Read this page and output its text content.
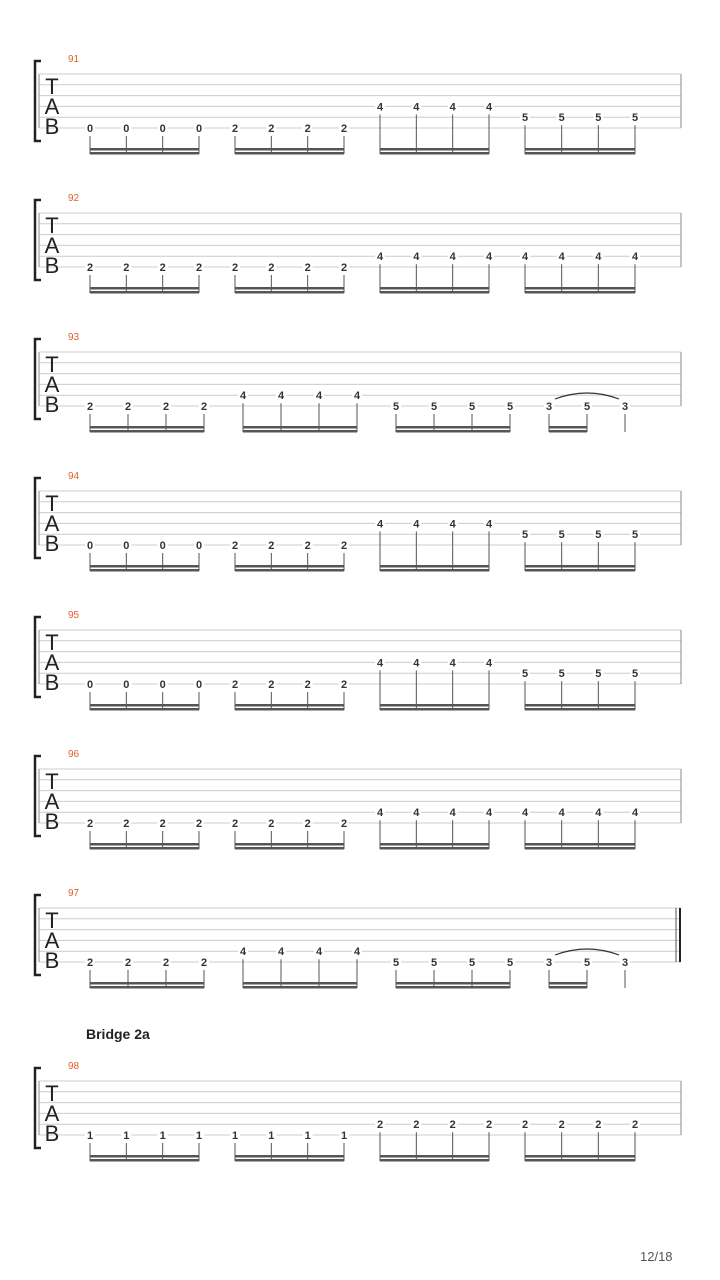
91
T
A
B	0	0	0	0	2	2	2	2
4	4	4	4
5	5	5	5
92
T
A
B	2	2	2	2	2	2	2	2
4	4	4	4	4	4	4	4
93
T
A
B	2	2	2	2
4	4	4	4
5	5	5	5	3	5	3
94
T
A
B	0	0	0	0	2	2	2	2
4	4	4	4
5	5	5	5
95
T
A
B	0	0	0	0	2	2	2	2
4	4	4	4
5	5	5	5
96
T
A
B	2	2	2	2	2	2	2	2
4	4	4	4	4	4	4	4
97
T
A
B	2	2	2	2
4	4	4	4
5	5	5	5	3	5	3
98
T
A
B	1	1	1	1	1	1	1	1
2	2	2	2	2	2	2	2
Bridge 2a
12/18
